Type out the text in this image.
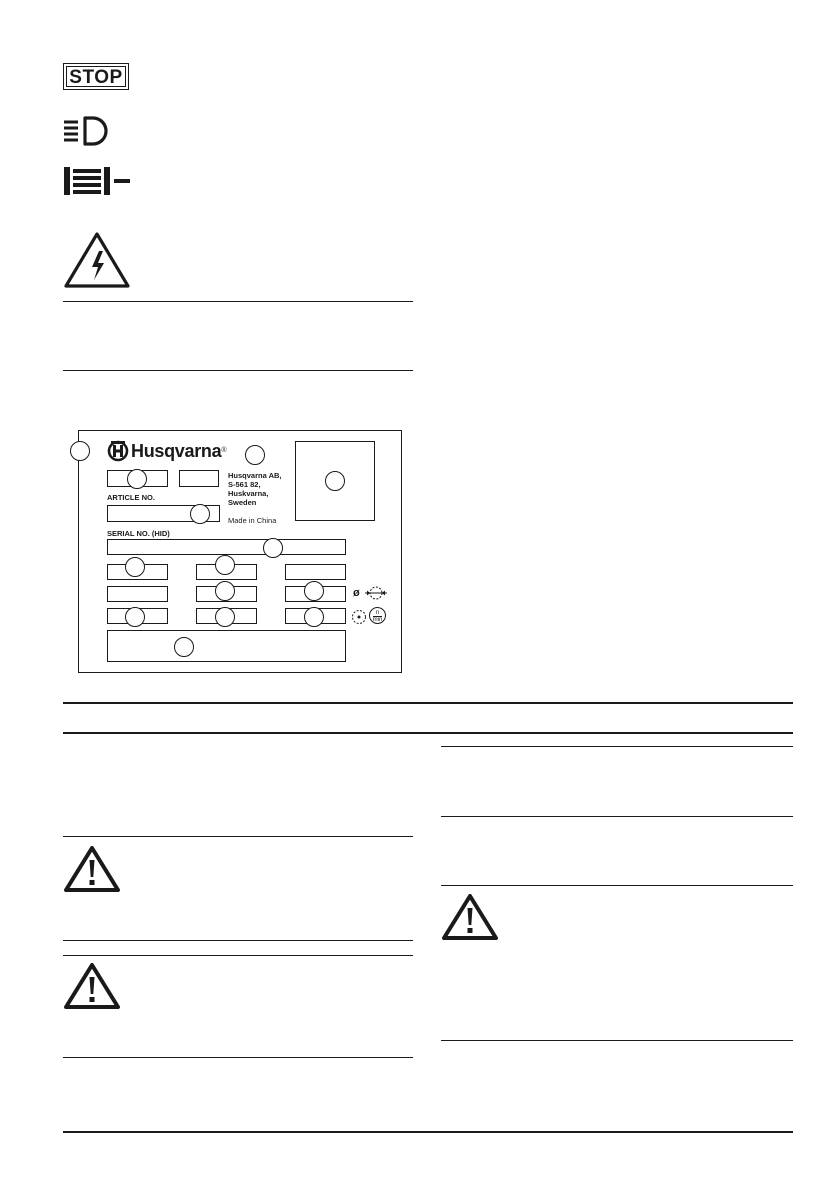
STOP
Husqvarna®
Husqvarna AB,
S-561 82,
Huskvarna,
Sweden
Made in China
ARTICLE NO.
SERIAL NO. (HID)
ø
n
min
